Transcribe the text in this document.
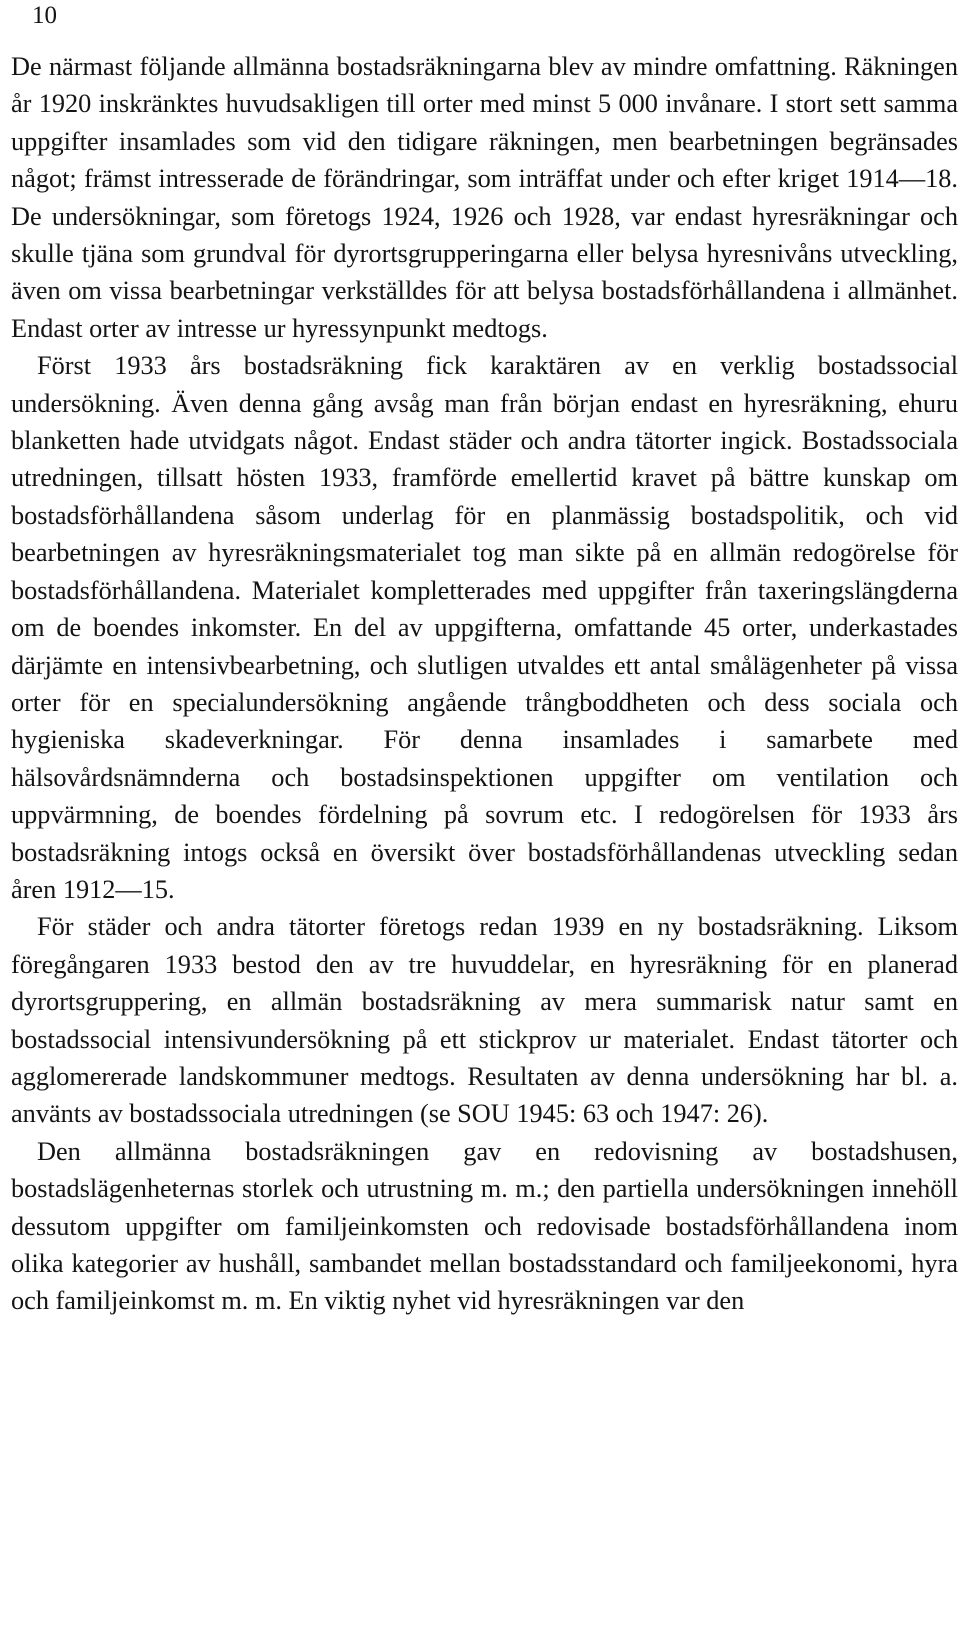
10

De närmast följande allmänna bostadsräkningarna blev av mindre omfattning. Räkningen år 1920 inskränktes huvudsakligen till orter med minst 5 000 invånare. I stort sett samma uppgifter insamlades som vid den tidigare räkningen, men bearbetningen begränsades något; främst intresserade de förändringar, som inträffat under och efter kriget 1914—18. De undersökningar, som företogs 1924, 1926 och 1928, var endast hyresräkningar och skulle tjäna som grundval för dyrortsgrupperingarna eller belysa hyresnivåns utveckling, även om vissa bearbetningar verkställdes för att belysa bostadsförhållandena i allmänhet. Endast orter av intresse ur hyressynpunkt medtogs.

Först 1933 års bostadsräkning fick karaktären av en verklig bostadssocial undersökning. Även denna gång avsåg man från början endast en hyresräkning, ehuru blanketten hade utvidgats något. Endast städer och andra tätorter ingick. Bostadssociala utredningen, tillsatt hösten 1933, framförde emellertid kravet på bättre kunskap om bostadsförhållandena såsom underlag för en planmässig bostadspolitik, och vid bearbetningen av hyresräkningsmaterialet tog man sikte på en allmän redogörelse för bostadsförhållandena. Materialet kompletterades med uppgifter från taxeringslängderna om de boendes inkomster. En del av uppgifterna, omfattande 45 orter, underkastades därjämte en intensivbearbetning, och slutligen utvaldes ett antal smålägenheter på vissa orter för en specialundersökning angående trångboddheten och dess sociala och hygieniska skadeverkningar. För denna insamlades i samarbete med hälsovårdsnämnderna och bostadsinspektionen uppgifter om ventilation och uppvärmning, de boendes fördelning på sovrum etc. I redogörelsen för 1933 års bostadsräkning intogs också en översikt över bostadsförhållandenas utveckling sedan åren 1912—15.

För städer och andra tätorter företogs redan 1939 en ny bostadsräkning. Liksom föregångaren 1933 bestod den av tre huvuddelar, en hyresräkning för en planerad dyrortsgruppering, en allmän bostadsräkning av mera summarisk natur samt en bostadssocial intensivundersökning på ett stickprov ur materialet. Endast tätorter och agglomererade landskommuner medtogs. Resultaten av denna undersökning har bl. a. använts av bostadssociala utredningen (se SOU 1945: 63 och 1947: 26).

Den allmänna bostadsräkningen gav en redovisning av bostadshusen, bostadslägenheternas storlek och utrustning m. m.; den partiella undersökningen innehöll dessutom uppgifter om familjeinkomsten och redovisade bostadsförhållandena inom olika kategorier av hushåll, sambandet mellan bostadsstandard och familjeekonomi, hyra och familjeinkomst m. m. En viktig nyhet vid hyresräkningen var den
